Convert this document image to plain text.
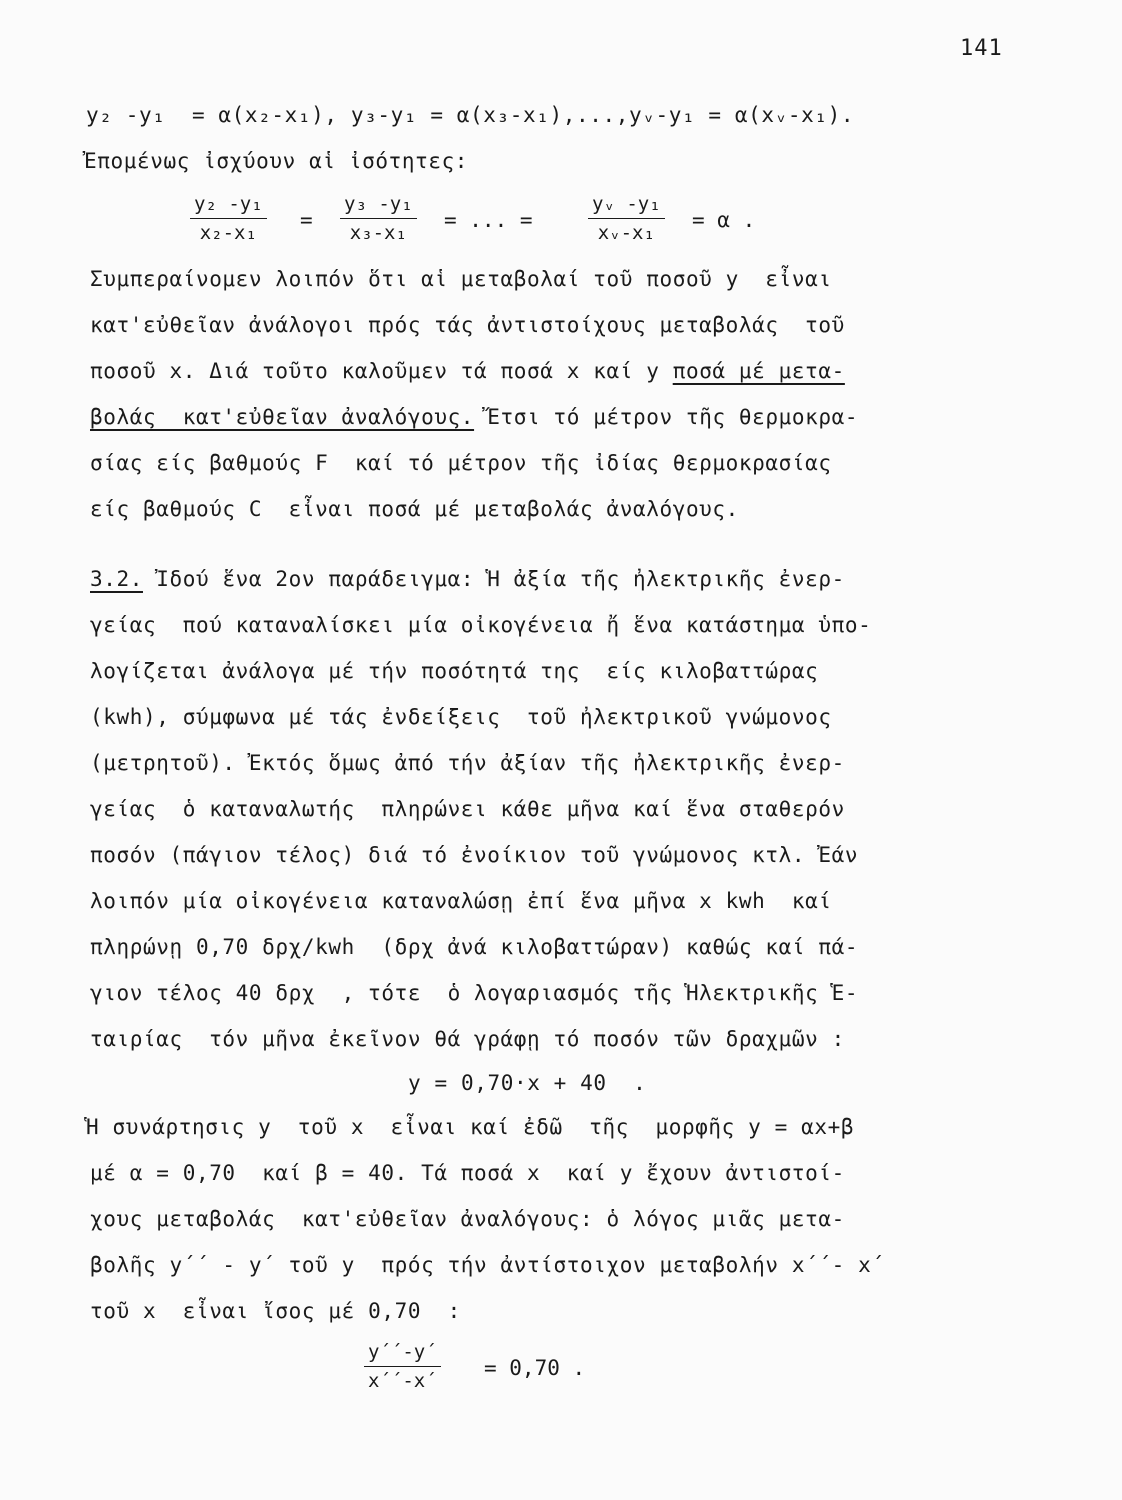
141
y₂ -y₁  = α(x₂-x₁), y₃-y₁ = α(x₃-x₁),...,yᵥ-y₁ = α(xᵥ-x₁).
Ἐπομένως ἰσχύουν αἱ ἰσότητες:
$\frac{\text{y₂ -y₁}}{\text{x₂-x₁}} = \frac{\text{y₃ -y₁}}{\text{x₃-x₁}}$ = ... =	$\frac{\text{yᵥ -y₁}}{\text{xᵥ-x₁}} = \alpha$ .
Συμπεραίνομεν λοιπόν ὅτι αἱ μεταβολαί τοῦ ποσοῦ y  εἶναι
κατ'εὐθεῖαν ἀνάλογοι πρός τάς ἀντιστοίχους μεταβολάς  τοῦ
ποσοῦ x. Διά τοῦτο καλοῦμεν τά ποσά x καί y ποσά μέ μετα-
βολάς  κατ'εὐθεῖαν ἀναλόγους. Ἔτσι τό μέτρον τῆς θερμοκρα-
σίας είς βαθμούς F  καί τό μέτρον τῆς ἰδίας θερμοκρασίας
είς βαθμούς C  εἶναι ποσά μέ μεταβολάς ἀναλόγους.
3.2. Ἰδού ἕνα 2ον παράδειγμα: Ἡ ἀξία τῆς ἠλεκτρικῆς ἐνερ-
γείας  πού καταναλίσκει μία οἰκογένεια ἤ ἕνα κατάστημα ὑπο-
λογίζεται ἀνάλογα μέ τήν ποσότητά της  είς κιλοβαττώρας
(kwh), σύμφωνα μέ τάς ἐνδείξεις  τοῦ ἠλεκτρικοῦ γνώμονος
(μετρητοῦ). Ἐκτός ὅμως ἀπό τήν ἀξίαν τῆς ἠλεκτρικῆς ἐνερ-
γείας  ὁ καταναλωτής  πληρώνει κάθε μῆνα καί ἕνα σταθερόν
ποσόν (πάγιον τέλος) διά τό ἐνοίκιον τοῦ γνώμονος κτλ. Ἐάν
λοιπόν μία οἰκογένεια καταναλώσῃ ἐπί ἕνα μῆνα x kwh  καί
πληρώνῃ 0,70 δρχ/kwh  (δρχ ἀνά κιλοβαττώραν) καθώς καί πά-
γιον τέλος 40 δρχ  , τότε  ὁ λογαριασμός τῆς Ἡλεκτρικῆς Ἑ-
ταιρίας  τόν μῆνα ἐκεῖνον θά γράφῃ τό ποσόν τῶν δραχμῶν :
y = 0,70·x + 40  .
Ἡ συνάρτησις y  τοῦ x  εἶναι καί ἐδῶ  τῆς  μορφῆς y = αx+β
μέ α = 0,70  καί β = 40. Τά ποσά x  καί y ἔχουν ἀντιστοί-
χους μεταβολάς  κατ'εὐθεῖαν ἀναλόγους: ὁ λόγος μιᾶς μετα-
βολῆς y΄΄ - y΄ τοῦ y  πρός τήν ἀντίστοιχον μεταβολήν x΄΄- x΄
τοῦ x  εἶναι ἴσος μέ 0,70  :
$\frac{y΄΄-y΄}{x΄΄-x΄} = 0,70$ .
